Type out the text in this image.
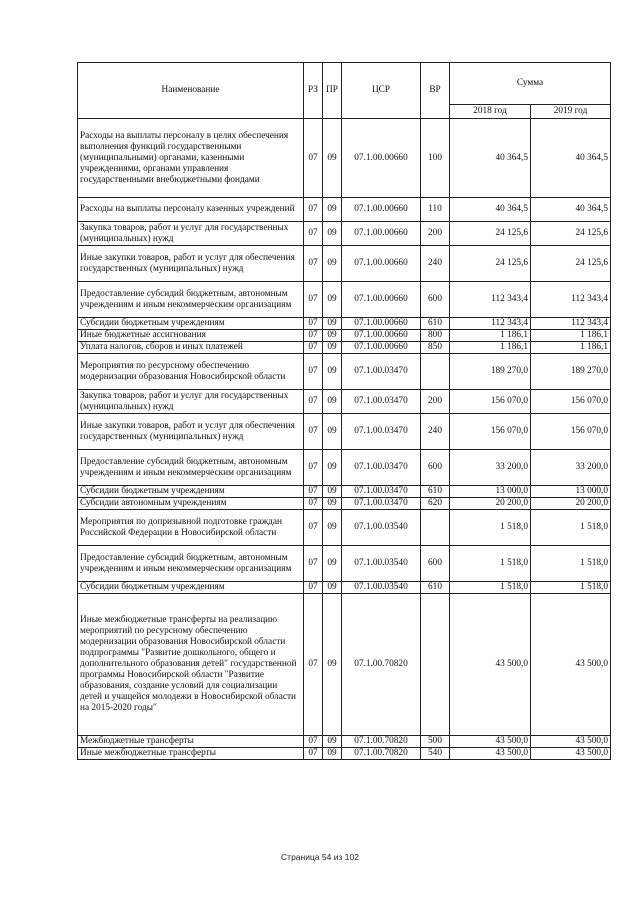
Наименование	РЗ	ПР	ЦСР	ВР	Сумма	
					2018 год	2019 год
Расходы на выплаты персоналу в целях обеспечения выполнения функций государственными (муниципальными) органами, казенными учреждениями, органами управления государственными внебюджетными фондами	07	09	07.1.00.00660	100	40 364,5	40 364,5
Расходы на выплаты персоналу казенных учреждений	07	09	07.1.00.00660	110	40 364,5	40 364,5
Закупка товаров, работ и услуг для государственных (муниципальных) нужд	07	09	07.1.00.00660	200	24 125,6	24 125,6
Иные закупки товаров, работ и услуг для обеспечения государственных (муниципальных) нужд	07	09	07.1.00.00660	240	24 125,6	24 125,6
Предоставление субсидий бюджетным, автономным учреждениям и иным некоммерческим организациям	07	09	07.1.00.00660	600	112 343,4	112 343,4
Субсидии бюджетным учреждениям	07	09	07.1.00.00660	610	112 343,4	112 343,4
Иные бюджетные ассигнования	07	09	07.1.00.00660	800	1 186,1	1 186,1
Уплата налогов, сборов и иных платежей	07	09	07.1.00.00660	850	1 186,1	1 186,1
Мероприятия по ресурсному обеспечению модернизации образования Новосибирской области	07	09	07.1.00.03470		189 270,0	189 270,0
Закупка товаров, работ и услуг для государственных (муниципальных) нужд	07	09	07.1.00.03470	200	156 070,0	156 070,0
Иные закупки товаров, работ и услуг для обеспечения государственных (муниципальных) нужд	07	09	07.1.00.03470	240	156 070,0	156 070,0
Предоставление субсидий бюджетным, автономным учреждениям и иным некоммерческим организациям	07	09	07.1.00.03470	600	33 200,0	33 200,0
Субсидии бюджетным учреждениям	07	09	07.1.00.03470	610	13 000,0	13 000,0
Субсидии автономным учреждениям	07	09	07.1.00.03470	620	20 200,0	20 200,0
Мероприятия по допризывной подготовке граждан Российской Федерации в Новосибирской области	07	09	07.1.00.03540		1 518,0	1 518,0
Предоставление субсидий бюджетным, автономным учреждениям и иным некоммерческим организациям	07	09	07.1.00.03540	600	1 518,0	1 518,0
Субсидии бюджетным учреждениям	07	09	07.1.00.03540	610	1 518,0	1 518,0
Иные межбюджетные трансферты на реализацию мероприятий по ресурсному обеспечению модернизации образования Новосибирской области подпрограммы "Развитие дошкольного, общего и дополнительного образования детей" государственной программы Новосибирской области "Развитие образования, создание условий для социализации детей и учащейся молодежи в Новосибирской области на 2015-2020 годы"	07	09	07.1.00.70820		43 500,0	43 500,0
Межбюджетные трансферты	07	09	07.1.00.70820	500	43 500,0	43 500,0
Иные межбюджетные трансферты	07	09	07.1.00.70820	540	43 500,0	43 500,0
Страница 54 из 102
